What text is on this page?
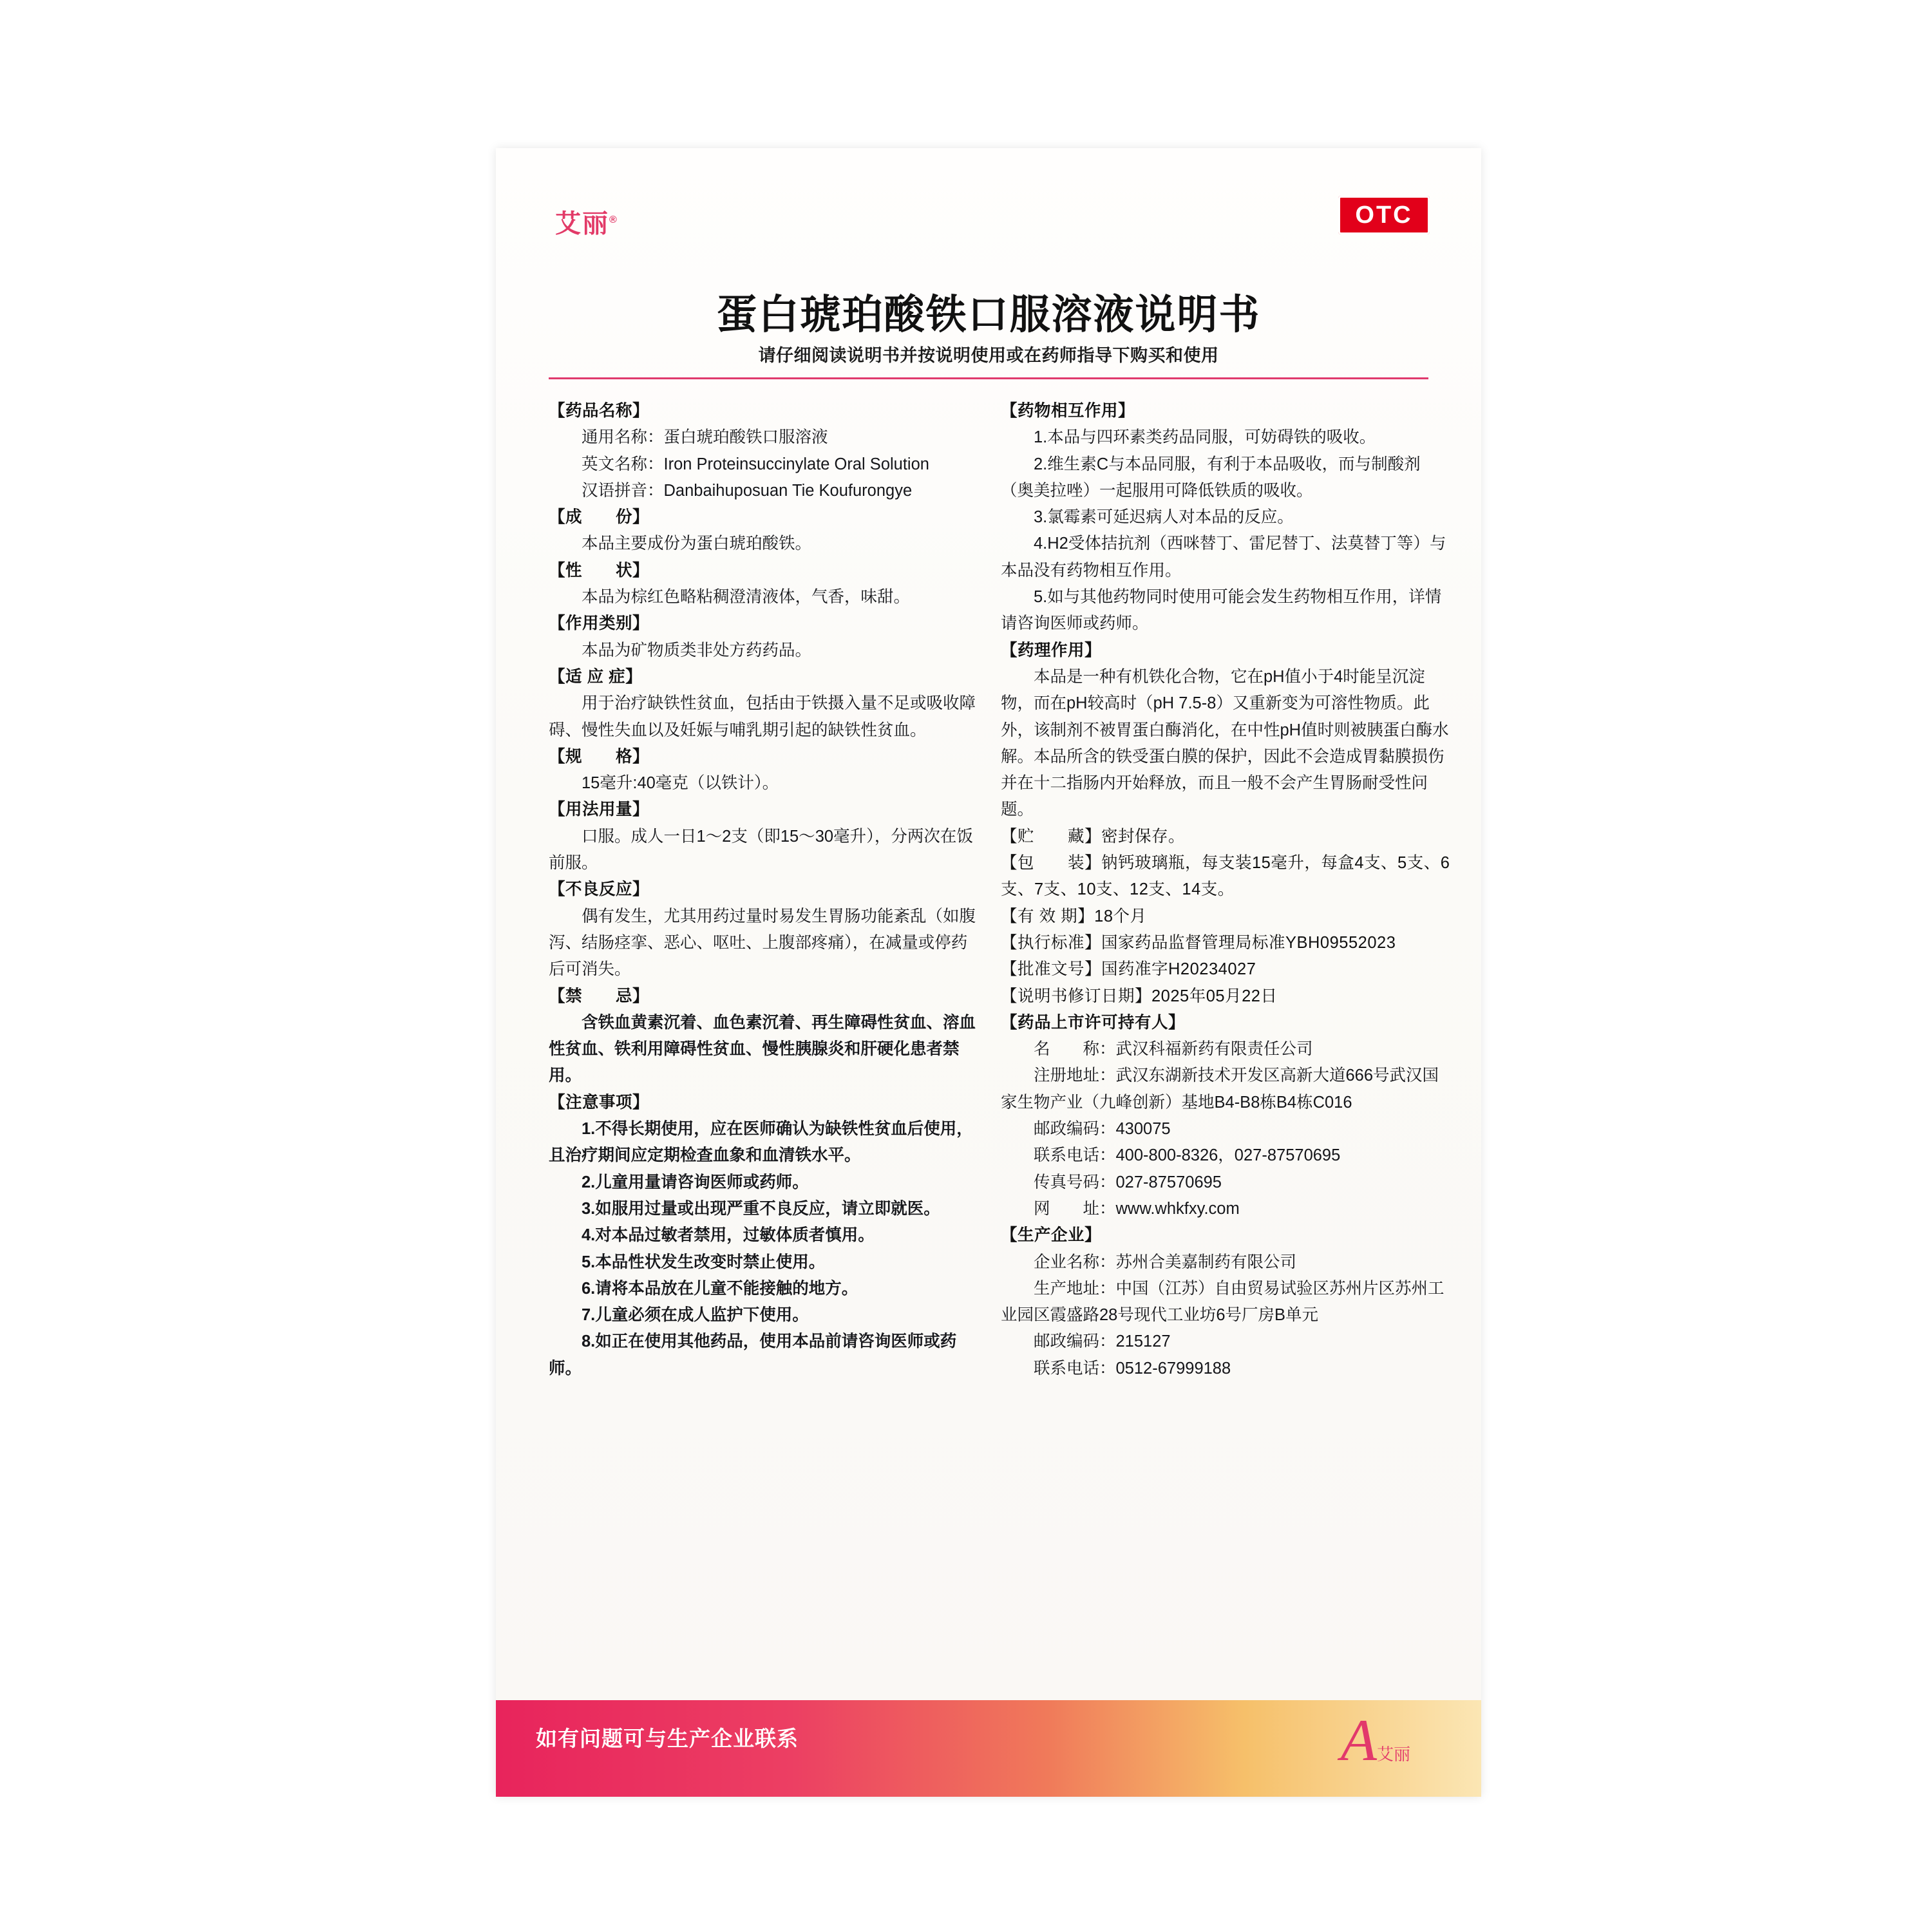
艾丽®	OTC
蛋白琥珀酸铁口服溶液说明书
请仔细阅读说明书并按说明使用或在药师指导下购买和使用

【药品名称】

通用名称：蛋白琥珀酸铁口服溶液

英文名称：Iron Proteinsuccinylate Oral Solution

汉语拼音：Danbaihuposuan Tie Koufurongye

【成　　份】

本品主要成份为蛋白琥珀酸铁。

【性　　状】

本品为棕红色略粘稠澄清液体，气香，味甜。

【作用类别】

本品为矿物质类非处方药药品。

【适 应 症】

用于治疗缺铁性贫血，包括由于铁摄入量不足或吸收障碍、慢性失血以及妊娠与哺乳期引起的缺铁性贫血。

【规　　格】

15毫升:40毫克（以铁计）。

【用法用量】

口服。成人一日1～2支（即15～30毫升），分两次在饭前服。

【不良反应】

偶有发生，尤其用药过量时易发生胃肠功能紊乱（如腹泻、结肠痉挛、恶心、呕吐、上腹部疼痛），在减量或停药后可消失。

【禁　　忌】

含铁血黄素沉着、血色素沉着、再生障碍性贫血、溶血性贫血、铁利用障碍性贫血、慢性胰腺炎和肝硬化患者禁用。

【注意事项】

1.不得长期使用，应在医师确认为缺铁性贫血后使用，且治疗期间应定期检查血象和血清铁水平。

2.儿童用量请咨询医师或药师。

3.如服用过量或出现严重不良反应，请立即就医。

4.对本品过敏者禁用，过敏体质者慎用。

5.本品性状发生改变时禁止使用。

6.请将本品放在儿童不能接触的地方。

7.儿童必须在成人监护下使用。

8.如正在使用其他药品，使用本品前请咨询医师或药师。

【药物相互作用】

1.本品与四环素类药品同服，可妨碍铁的吸收。

2.维生素C与本品同服，有利于本品吸收，而与制酸剂（奥美拉唑）一起服用可降低铁质的吸收。

3.氯霉素可延迟病人对本品的反应。

4.H2受体拮抗剂（西咪替丁、雷尼替丁、法莫替丁等）与本品没有药物相互作用。

5.如与其他药物同时使用可能会发生药物相互作用，详情请咨询医师或药师。

【药理作用】

本品是一种有机铁化合物，它在pH值小于4时能呈沉淀物，而在pH较高时（pH 7.5-8）又重新变为可溶性物质。此外，该制剂不被胃蛋白酶消化，在中性pH值时则被胰蛋白酶水解。本品所含的铁受蛋白膜的保护，因此不会造成胃黏膜损伤并在十二指肠内开始释放，而且一般不会产生胃肠耐受性问题。

【贮　　藏】密封保存。

【包　　装】钠钙玻璃瓶，每支装15毫升，每盒4支、5支、6支、7支、10支、12支、14支。

【有 效 期】18个月

【执行标准】国家药品监督管理局标准YBH09552023

【批准文号】国药准字H20234027

【说明书修订日期】2025年05月22日

【药品上市许可持有人】

名　　称：武汉科福新药有限责任公司

注册地址：武汉东湖新技术开发区高新大道666号武汉国家生物产业（九峰创新）基地B4-B8栋B4栋C016

邮政编码：430075

联系电话：400-800-8326，027-87570695

传真号码：027-87570695

网　　址：www.whkfxy.com

【生产企业】

企业名称：苏州合美嘉制药有限公司

生产地址：中国（江苏）自由贸易试验区苏州片区苏州工业园区霞盛路28号现代工业坊6号厂房B单元

邮政编码：215127

联系电话：0512-67999188

如有问题可与生产企业联系	A艾丽
